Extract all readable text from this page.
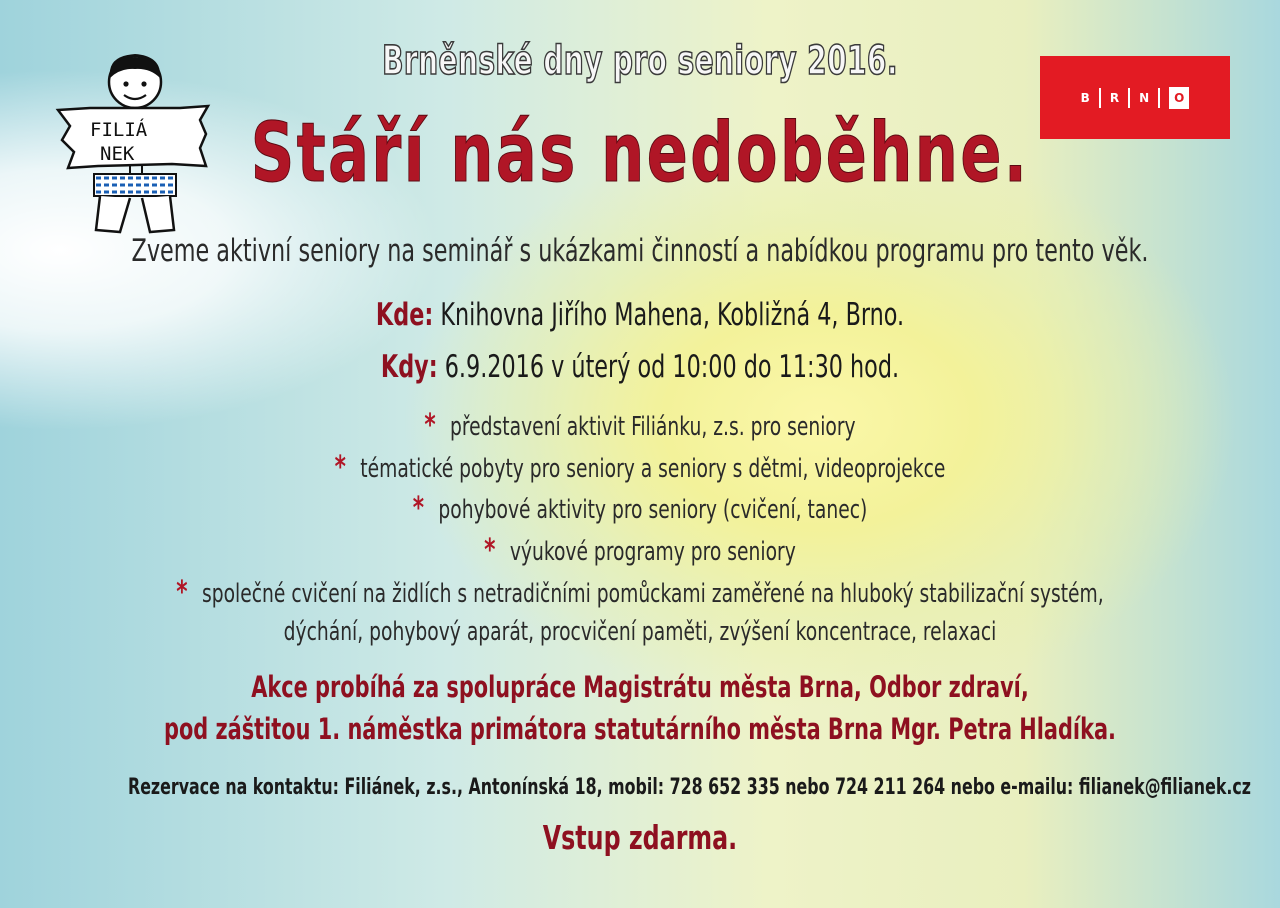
FILIÁ
NEK
B R N	O
Brněnské dny pro seniory 2016.
Stáří nás nedoběhne.
Zveme aktivní seniory na seminář s ukázkami činností a nabídkou programu pro tento věk.
Kde: Knihovna Jiřího Mahena, Kobližná 4, Brno.
Kdy: 6.9.2016 v úterý od 10:00 do 11:30 hod.
* představení aktivit Filiánku, z.s. pro seniory
* tématické pobyty pro seniory a seniory s dětmi, videoprojekce
* pohybové aktivity pro seniory (cvičení, tanec)
* výukové programy pro seniory
* společné cvičení na židlích s netradičními pomůckami zaměřené na hluboký stabilizační systém,
dýchání, pohybový aparát, procvičení paměti, zvýšení koncentrace, relaxaci
Akce probíhá za spolupráce Magistrátu města Brna, Odbor zdraví,
pod záštitou 1. náměstka primátora statutárního města Brna Mgr. Petra Hladíka.
Rezervace na kontaktu: Filiánek, z.s., Antonínská 18, mobil: 728 652 335 nebo 724 211 264 nebo e-mailu: filianek@filianek.cz
Vstup zdarma.
